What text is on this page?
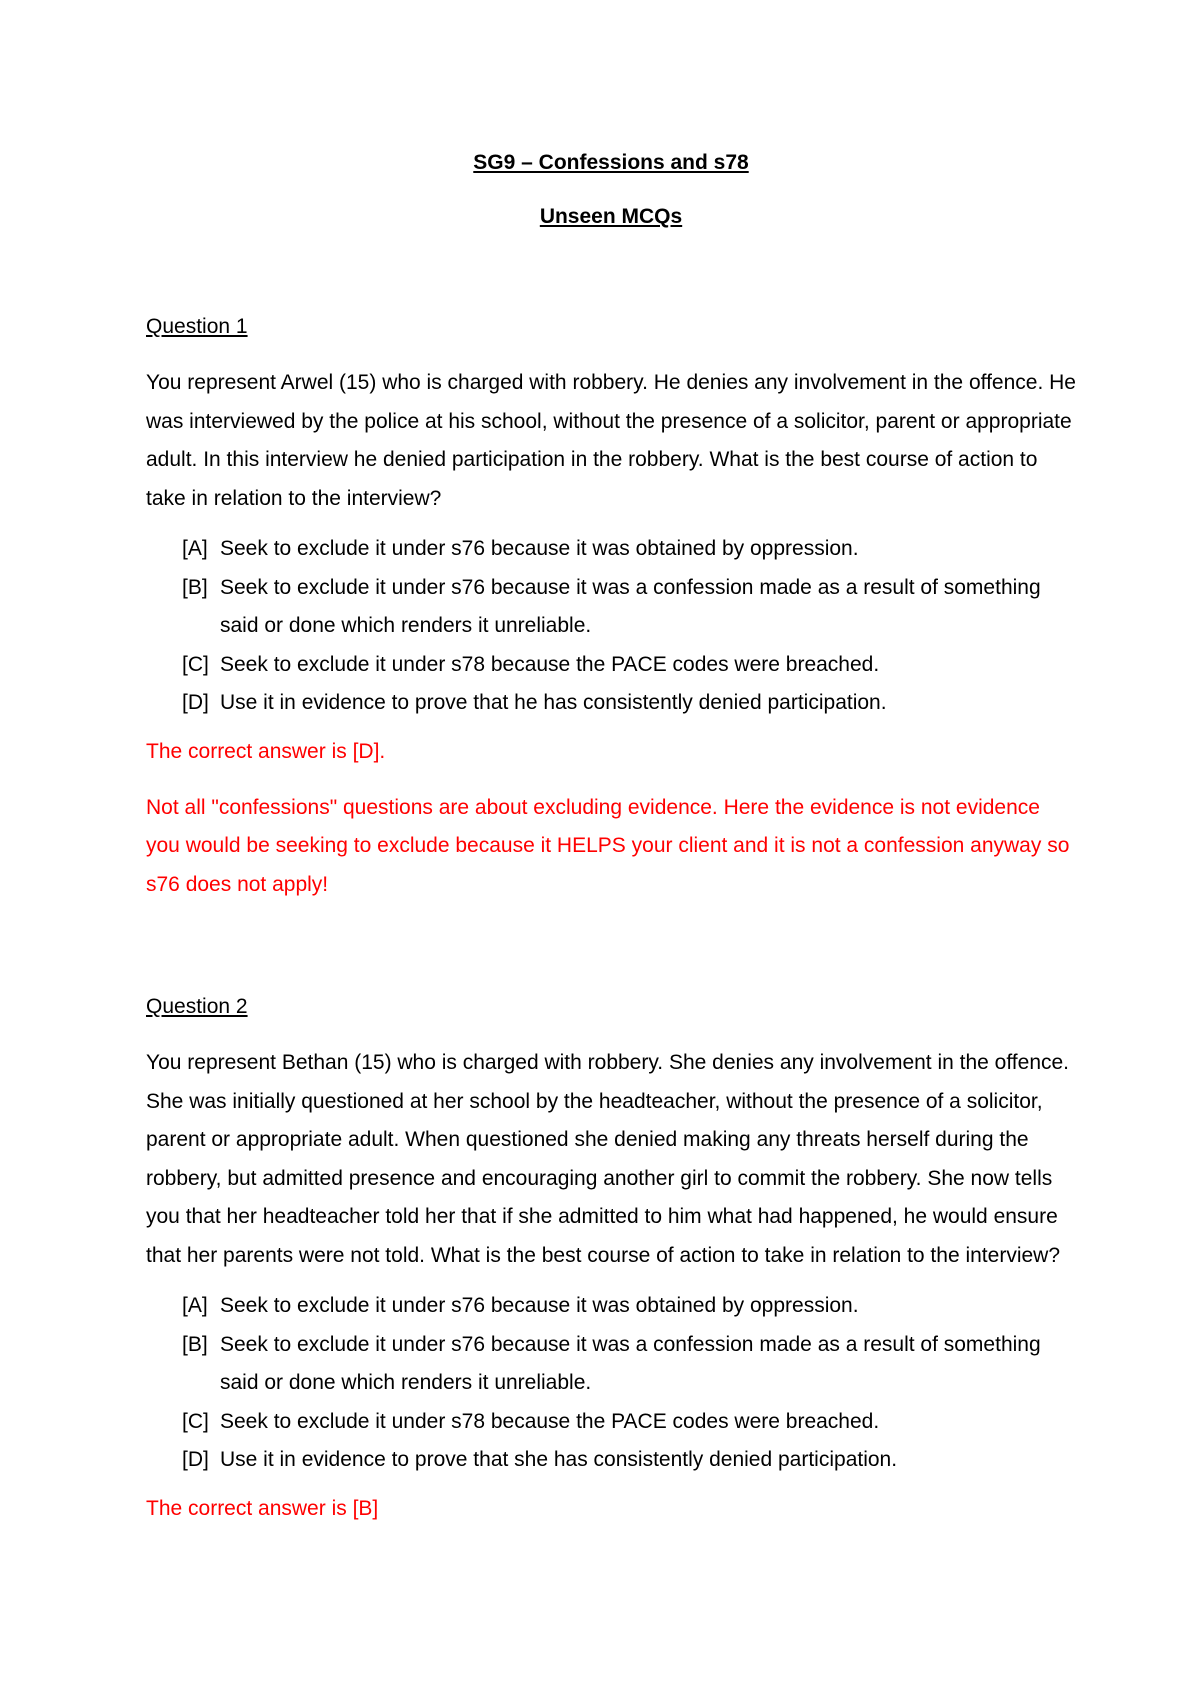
SG9 – Confessions and s78

Unseen MCQs

Question 1

You represent Arwel (15) who is charged with robbery. He denies any involvement in the offence. He was interviewed by the police at his school, without the presence of a solicitor, parent or appropriate adult. In this interview he denied participation in the robbery. What is the best course of action to take in relation to the interview?

[A] Seek to exclude it under s76 because it was obtained by oppression.
[B] Seek to exclude it under s76 because it was a confession made as a result of something said or done which renders it unreliable.
[C] Seek to exclude it under s78 because the PACE codes were breached.
[D] Use it in evidence to prove that he has consistently denied participation.

The correct answer is [D].

Not all "confessions" questions are about excluding evidence. Here the evidence is not evidence you would be seeking to exclude because it HELPS your client and it is not a confession anyway so s76 does not apply!

Question 2

You represent Bethan (15) who is charged with robbery. She denies any involvement in the offence. She was initially questioned at her school by the headteacher, without the presence of a solicitor, parent or appropriate adult. When questioned she denied making any threats herself during the robbery, but admitted presence and encouraging another girl to commit the robbery. She now tells you that her headteacher told her that if she admitted to him what had happened, he would ensure that her parents were not told. What is the best course of action to take in relation to the interview?

[A] Seek to exclude it under s76 because it was obtained by oppression.
[B] Seek to exclude it under s76 because it was a confession made as a result of something said or done which renders it unreliable.
[C] Seek to exclude it under s78 because the PACE codes were breached.
[D] Use it in evidence to prove that she has consistently denied participation.

The correct answer is [B]
